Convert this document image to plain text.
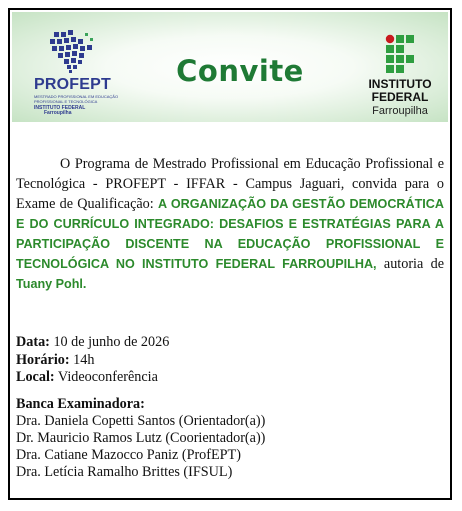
PROFEPT
MESTRADO PROFISSIONAL EM EDUCAÇÃO PROFISSIONAL E TECNOLÓGICA
INSTITUTO FEDERAL
Farroupilha
Convite	INSTITUTO
FEDERAL
Farroupilha
O Programa de Mestrado Profissional em Educação Profissional e Tecnológica - PROFEPT - IFFAR - Campus Jaguari, convida para o Exame de Qualificação: A ORGANIZAÇÃO DA GESTÃO DEMOCRÁTICA E DO CURRÍCULO INTEGRADO: DESAFIOS E ESTRATÉGIAS PARA A PARTICIPAÇÃO DISCENTE NA EDUCAÇÃO PROFISSIONAL E TECNOLÓGICA NO INSTITUTO FEDERAL FARROUPILHA, autoria de Tuany Pohl.
Data: 10 de junho de 2026
Horário: 14h
Local: Videoconferência
Banca Examinadora:
Dra. Daniela Copetti Santos (Orientador(a))
Dr. Mauricio Ramos Lutz (Coorientador(a))
Dra. Catiane Mazocco Paniz (ProfEPT)
Dra. Letícia Ramalho Brittes (IFSUL)
